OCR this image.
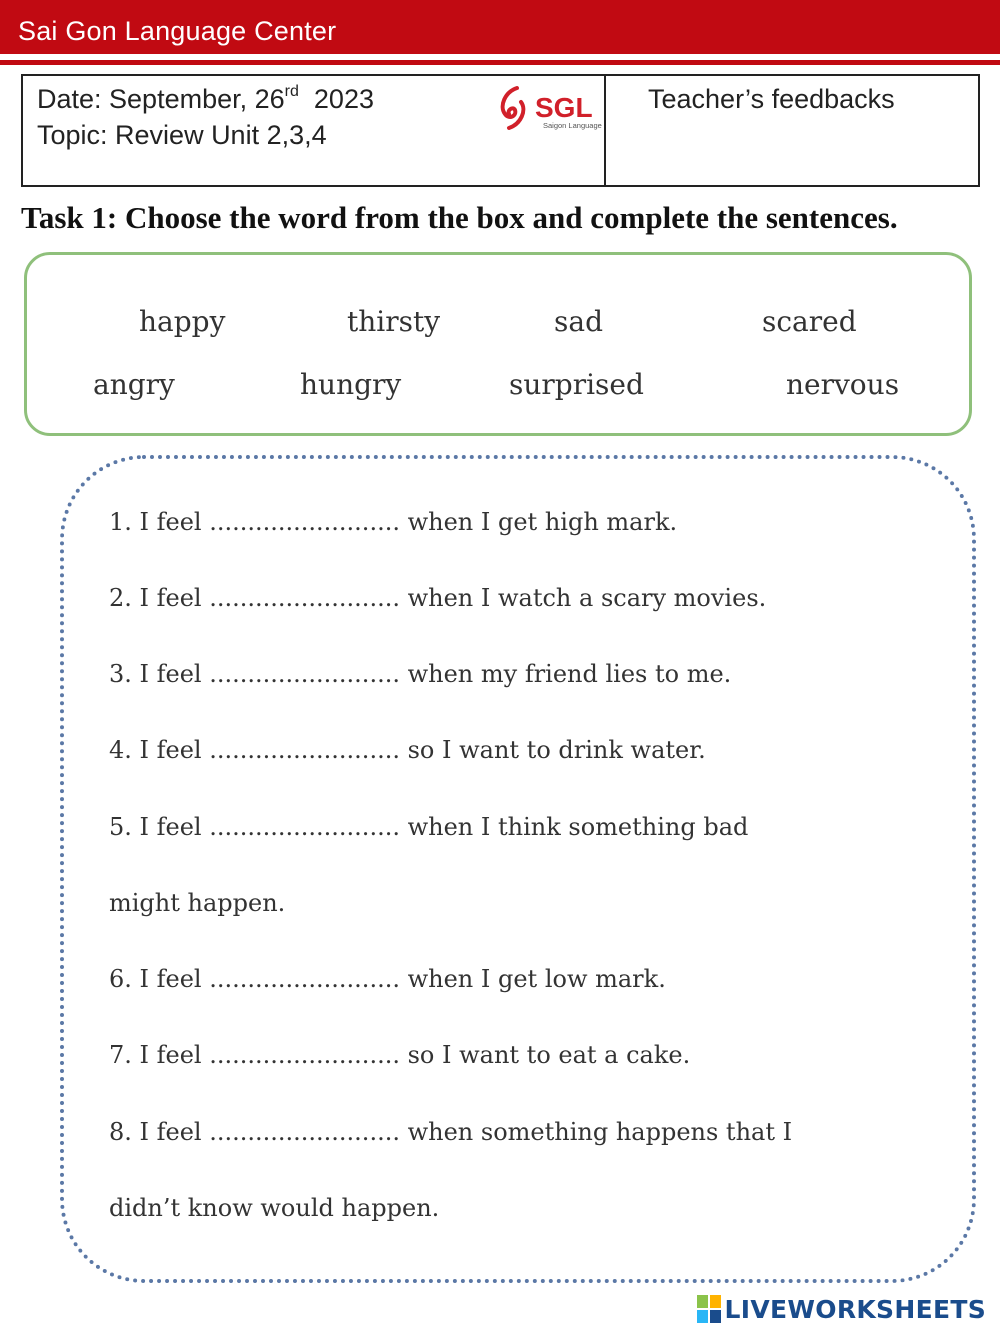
Sai Gon Language Center
Date: September, 26rd 2023
Topic: Review Unit 2,3,4
SGL
Saigon Language
Teacher’s feedbacks
Task 1: Choose the word from the box and complete the sentences.
happy	thirsty	sad	scared
angry	hungry	surprised	nervous
1. I feel ......................... when I get high mark.
2. I feel ......................... when I watch a scary movies.
3. I feel ......................... when my friend lies to me.
4. I feel ......................... so I want to drink water.
5. I feel ......................... when I think something bad
might happen.
6. I feel ......................... when I get low mark.
7. I feel ......................... so I want to eat a cake.
8. I feel ......................... when something happens that I
didn’t know would happen.
LIVEWORKSHEETS
